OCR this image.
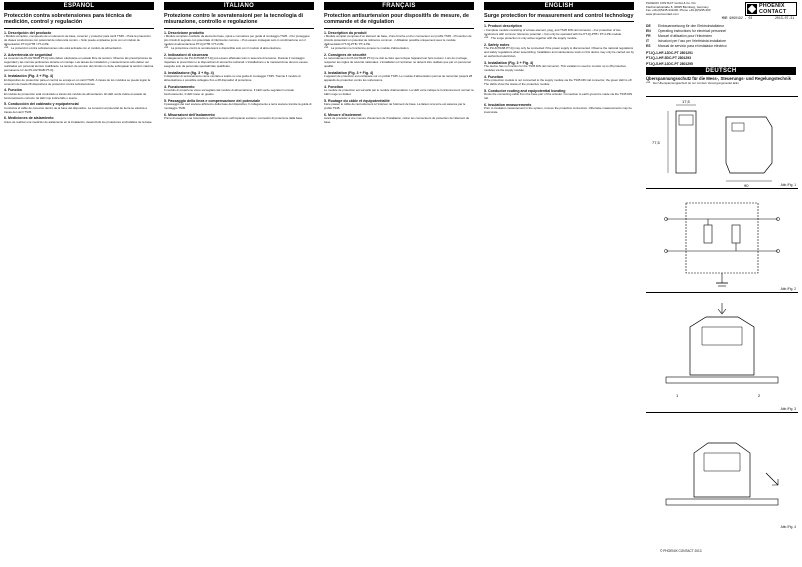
ESPAÑOL
Protección contra sobretensiones para técnica de medición, control y regulación
1. Descripción del producto
• Módulo completo, compuesto de un elemento de base, conector y protector para carril TS35. • Para la protección de clases conductores con potencial de referencia común. • Sólo puede emplearse junto con el módulo de alimentación PT-IQ-PTB / PT-2-PE.
⚠ La protección contra sobretensiones sólo está activada con el módulo de alimentación.
2. Advertencia de seguridad
La conexión de PLUGTRAB PT-IQ sólo deben efectuarse en estado libre de tensión. Observe las prescripciones de seguridad y las normas pertinentes durante el montaje. Las tareas de instalación y mantenimiento sólo deben ser realizadas por personal técnico cualificado. La tensión de servicio del circuito no debe sobrepasar la tensión máxima permanente Uc del PLUGTRAB PT-IQ.
3. Instalación (Fig. 3 + Fig. 4)
El dispositivo de protección para el control se encaja en un carril TS35. A través de los módulos se puede lograr la conexión de hasta 28 dispositivos de protección contra sobretensiones.
4. Función
El módulo de protección está controlado a través del módulo de alimentación. El LED verde indica el estado de funcionamiento correcto. El LED rojo indica fallo o avería.
5. Conducción del cableado y equipotencial
Conduzca el cable de conexión dentro de la base del dispositivo. La conexión al potencial de tierra se efectúa a través del carril TS35.
6. Mediciones de aislamiento
Antes de realizar una medición de aislamiento en la instalación, desenchufe los protectores enchufables de la base.
ITALIANO
Protezione contro le sovratensioni per la tecnologia di misurazione, controllo e regolazione
1. Descrizione prodotto
• Modulo completo costituito da elemento base, spina e connettore per guida di montaggio TS35. • Per proteggere più circuiti di segnale con potenziale di riferimento comune. • Può essere impiegato solo in combinazione con il modulo di alimentazione PT-IQ-PTB / PT-2-PE.
⚠ La protezione contro le sovratensioni è disponibile solo con il modulo di alimentazione.
2. Indicazioni di sicurezza
Il collegamento dei PLUGTRAB PT-IQ può essere effettuato solo in assenza di tensione. Durante il montaggio rispettare le prescrizioni e le disposizioni di sicurezza nazionali. L'installazione e la manutenzione devono essere eseguite solo da personale specializzato qualificato.
3. Installazione (fig. 3 + fig. 4)
Il dispositivo di sezionamento viene montato a scatto su una guida di montaggio TS35. Tramite il modulo di alimentazione è possibile collegare fino a 28 dispositivi di protezione.
4. Funzionamento
Il modulo di protezione viene sorvegliato dal modulo di alimentazione. Il LED verde segnala il normale funzionamento, il LED rosso un guasto.
5. Passaggio della linea e compensazione del potenziale
Il passaggio dei cavi avviene all'interno della base del dispositivo. Il collegamento a terra avviene tramite la guida di montaggio TS35.
6. Misurazioni dell'isolamento
Prima di eseguire una misurazione dell'isolamento nell'impianto estrarre i connettori di protezione dalla base.
FRANÇAIS
Protection antisurtension pour dispositifs de mesure, de commande et de régulation
1. Description du produit
• Module complet composé d'un élément de base, d'une broche et d'un connecteur sur profilé TS35. • Protection de circuits présentant un potentiel de référence commun. • Utilisation possible uniquement avec le module d'alimentation PT-IQ-PTB / PT-2-PE.
⚠ La protection ne fonctionne qu'avec le module d'alimentation.
2. Consignes de sécurité
Le raccordement du PLUGTRAB PT-IQ ne doit se faire que lorsque l'appareil est hors tension. Lors du montage, respecter les règles de sécurité nationales. L'installation et l'entretien ne doivent être réalisés que par un personnel qualifié.
3. Installation (Fig. 3 + Fig. 4)
L'appareil de protection est encliqueté sur un profilé TS35. Le module d'alimentation permet de raccorder jusqu'à 28 appareils de protection contre les surtensions.
4. Fonction
Le module de protection est surveillé par le module d'alimentation. La LED verte indique le fonctionnement normal, la LED rouge un défaut.
5. Routage du câble et équipotentialité
Faire passer le câble de raccordement à l'intérieur de l'élément de base. La liaison à la terre est assurée par le profilé TS35.
6. Mesure d'isolement
Avant de procéder à une mesure d'isolement de l'installation, retirer les connecteurs de protection de l'élément de base.
ENGLISH
Surge protection for measurement and control technology
1. Product description
• Complete module consisting of a base element, plug, and TS35 DIN rail connector. • For protection of two conductors with common reference potential. • Can only be operated with the PT-IQ-PTB / PT-2-PE module.
⚠ The surge protection is only active together with the supply module.
2. Safety notes
The PLUGTRAB PT-IQ may only be connected if the power supply is disconnected. Observe the national regulations and safety regulations when assembling. Installation and maintenance work on this device may only be carried out by an authorized electrician.
3. Installation (Fig. 3 + Fig. 4)
The device has no function for the TS35 DIN rail connector. This variation is used to monitor up to 28 protective modules via the supply module.
4. Function
If the protection module is not connected to the supply module via the TS35 DIN rail connector, the green LED is off. The LEDs show the status of the protective module.
5. Conductor routing and equipotential bonding
Route the connecting cable from the base part of the arrester. Connection to earth ground is made via the TS35 DIN rail.
6. Insulation measurements
Prior to insulation measurement in the system, remove the protective connectors. Otherwise measurements may be inaccurate.
PHOENIX CONTACT
PHOENIX CONTACT GmbH & Co. KG
Flachsmarktstraße 8, 32825 Blomberg, Germany
Fax +49-(0)5235-341200, Phone +49-(0)5235-300
www.phoenixcontact.com
MNR 9060192 - 02	2013-07-31
DE	Einbauanweisung für den Elektroinstallateur
EN	Operating instructions for electrical personnel
FR	Manuel d'utilisation pour l'électricien
IT	Istruzioni per l'uso per l'elettricista installatore
ES	Manual de servicio para el instalador eléctrico
PT-IQ-1-HF-12DC-PT 2801291
PT-IQ-1-HF-5DC-PT 2801293
PT-IQ-5-HF-12DC-PT 2801295
17,5
77,5
90	Abb./Fig. 1
Abb./Fig. 2
1	2
Abb./Fig. 3
Abb./Fig. 4
© PHOENIX CONTACT 2013
DEUTSCH
Überspannungsschutz für die Mess-, Steuerungs- und Regelungstechnik
⚠ Der Überspannungsschutz ist nur mit dem Versorgungsmodul aktiv.
